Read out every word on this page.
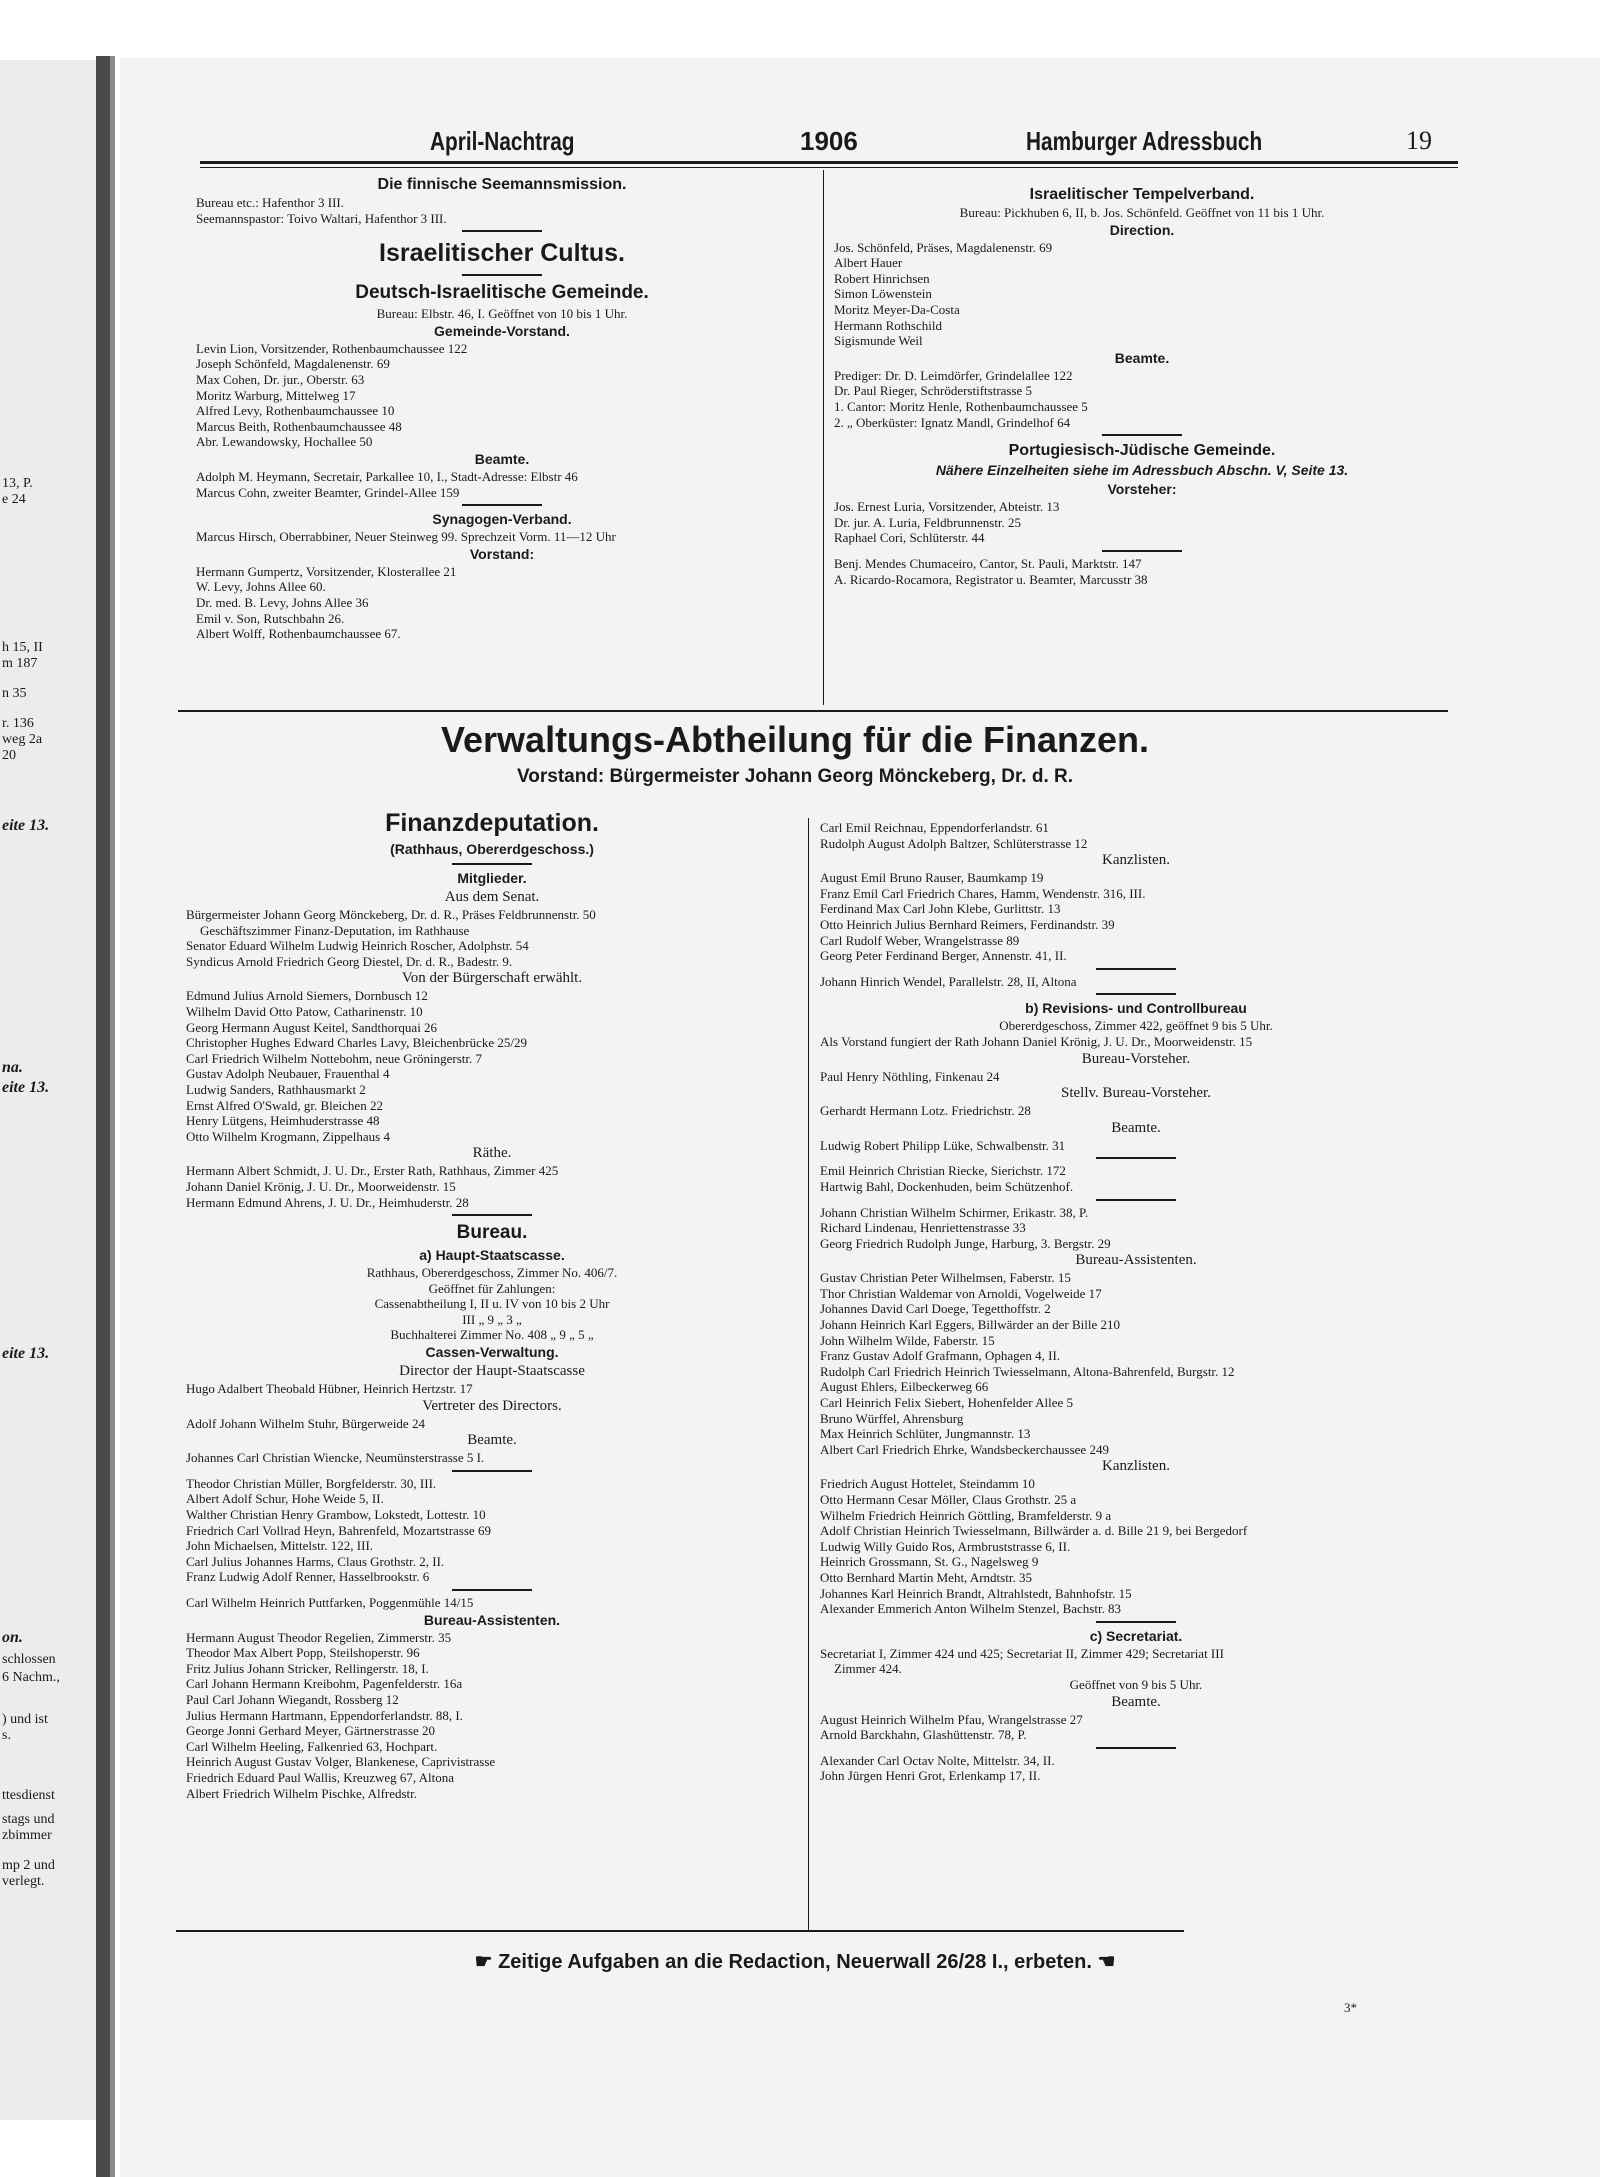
13, P.
e 24
h 15, II
m 187
n 35
r. 136
weg 2a
20
eite 13.
na.
eite 13.
eite 13.
on.
schlossen
6 Nachm.,
) und ist
s.
ttesdienst
stags und
zbimmer
mp 2 und
verlegt.
April-Nachtrag	1906	Hamburger Adressbuch	19
Die finnische Seemannsmission.
Bureau etc.: Hafenthor 3 III.
Seemannspastor: Toivo Waltari, Hafenthor 3 III.
Israelitischer Cultus.
Deutsch-Israelitische Gemeinde.
Bureau: Elbstr. 46, I. Geöffnet von 10 bis 1 Uhr.
Gemeinde-Vorstand.
Levin Lion, Vorsitzender, Rothenbaumchaussee 122
Joseph Schönfeld, Magdalenenstr. 69
Max Cohen, Dr. jur., Oberstr. 63
Moritz Warburg, Mittelweg 17
Alfred Levy, Rothenbaumchaussee 10
Marcus Beith, Rothenbaumchaussee 48
Abr. Lewandowsky, Hochallee 50
Beamte.
Adolph M. Heymann, Secretair, Parkallee 10, I., Stadt-Adresse: Elbstr 46
Marcus Cohn, zweiter Beamter, Grindel-Allee 159
Synagogen-Verband.
Marcus Hirsch, Oberrabbiner, Neuer Steinweg 99. Sprechzeit Vorm. 11—12 Uhr
Vorstand:
Hermann Gumpertz, Vorsitzender, Klosterallee 21
W. Levy, Johns Allee 60.
Dr. med. B. Levy, Johns Allee 36
Emil v. Son, Rutschbahn 26.
Albert Wolff, Rothenbaumchaussee 67.
Israelitischer Tempelverband.
Bureau: Pickhuben 6, II, b. Jos. Schönfeld. Geöffnet von 11 bis 1 Uhr.
Direction.
Jos. Schönfeld, Präses, Magdalenenstr. 69
Albert Hauer
Robert Hinrichsen
Simon Löwenstein
Moritz Meyer-Da-Costa
Hermann Rothschild
Sigismunde Weil
Beamte.
Prediger: Dr. D. Leimdörfer, Grindelallee 122
Dr. Paul Rieger, Schröderstiftstrasse 5
1. Cantor: Moritz Henle, Rothenbaumchaussee 5
2. „ Oberküster: Ignatz Mandl, Grindelhof 64
Portugiesisch-Jüdische Gemeinde.
Nähere Einzelheiten siehe im Adressbuch Abschn. V, Seite 13.
Vorsteher:
Jos. Ernest Luria, Vorsitzender, Abteistr. 13
Dr. jur. A. Luria, Feldbrunnenstr. 25
Raphael Cori, Schlüterstr. 44
Benj. Mendes Chumaceiro, Cantor, St. Pauli, Marktstr. 147
A. Ricardo-Rocamora, Registrator u. Beamter, Marcusstr 38
Verwaltungs-Abtheilung für die Finanzen.
Vorstand: Bürgermeister Johann Georg Mönckeberg, Dr. d. R.
Finanzdeputation.
(Rathhaus, Obererdgeschoss.)
Mitglieder.
Aus dem Senat.
Bürgermeister Johann Georg Mönckeberg, Dr. d. R., Präses Feldbrunnenstr. 50
Geschäftszimmer Finanz-Deputation, im Rathhause
Senator Eduard Wilhelm Ludwig Heinrich Roscher, Adolphstr. 54
Syndicus Arnold Friedrich Georg Diestel, Dr. d. R., Badestr. 9.
Von der Bürgerschaft erwählt.
Edmund Julius Arnold Siemers, Dornbusch 12
Wilhelm David Otto Patow, Catharinenstr. 10
Georg Hermann August Keitel, Sandthorquai 26
Christopher Hughes Edward Charles Lavy, Bleichenbrücke 25/29
Carl Friedrich Wilhelm Nottebohm, neue Gröningerstr. 7
Gustav Adolph Neubauer, Frauenthal 4
Ludwig Sanders, Rathhausmarkt 2
Ernst Alfred O'Swald, gr. Bleichen 22
Henry Lütgens, Heimhuderstrasse 48
Otto Wilhelm Krogmann, Zippelhaus 4
Räthe.
Hermann Albert Schmidt, J. U. Dr., Erster Rath, Rathhaus, Zimmer 425
Johann Daniel Krönig, J. U. Dr., Moorweidenstr. 15
Hermann Edmund Ahrens, J. U. Dr., Heimhuderstr. 28
Bureau.
a) Haupt-Staatscasse.
Rathhaus, Obererdgeschoss, Zimmer No. 406/7.
Geöffnet für Zahlungen:
Cassenabtheilung I, II u. IV von 10 bis 2 Uhr
III „ 9 „ 3 „
Buchhalterei Zimmer No. 408 „ 9 „ 5 „
Cassen-Verwaltung.
Director der Haupt-Staatscasse
Hugo Adalbert Theobald Hübner, Heinrich Hertzstr. 17
Vertreter des Directors.
Adolf Johann Wilhelm Stuhr, Bürgerweide 24
Beamte.
Johannes Carl Christian Wiencke, Neumünsterstrasse 5 I.
Theodor Christian Müller, Borgfelderstr. 30, III.
Albert Adolf Schur, Hohe Weide 5, II.
Walther Christian Henry Grambow, Lokstedt, Lottestr. 10
Friedrich Carl Vollrad Heyn, Bahrenfeld, Mozartstrasse 69
John Michaelsen, Mittelstr. 122, III.
Carl Julius Johannes Harms, Claus Grothstr. 2, II.
Franz Ludwig Adolf Renner, Hasselbrookstr. 6
Carl Wilhelm Heinrich Puttfarken, Poggenmühle 14/15
Bureau-Assistenten.
Hermann August Theodor Regelien, Zimmerstr. 35
Theodor Max Albert Popp, Steilshoperstr. 96
Fritz Julius Johann Stricker, Rellingerstr. 18, I.
Carl Johann Hermann Kreibohm, Pagenfelderstr. 16a
Paul Carl Johann Wiegandt, Rossberg 12
Julius Hermann Hartmann, Eppendorferlandstr. 88, I.
George Jonni Gerhard Meyer, Gärtnerstrasse 20
Carl Wilhelm Heeling, Falkenried 63, Hochpart.
Heinrich August Gustav Volger, Blankenese, Caprivistrasse
Friedrich Eduard Paul Wallis, Kreuzweg 67, Altona
Albert Friedrich Wilhelm Pischke, Alfredstr.
Carl Emil Reichnau, Eppendorferlandstr. 61
Rudolph August Adolph Baltzer, Schlüterstrasse 12
Kanzlisten.
August Emil Bruno Rauser, Baumkamp 19
Franz Emil Carl Friedrich Chares, Hamm, Wendenstr. 316, III.
Ferdinand Max Carl John Klebe, Gurlittstr. 13
Otto Heinrich Julius Bernhard Reimers, Ferdinandstr. 39
Carl Rudolf Weber, Wrangelstrasse 89
Georg Peter Ferdinand Berger, Annenstr. 41, II.
Johann Hinrich Wendel, Parallelstr. 28, II, Altona
b) Revisions- und Controllbureau
Obererdgeschoss, Zimmer 422, geöffnet 9 bis 5 Uhr.
Als Vorstand fungiert der Rath Johann Daniel Krönig, J. U. Dr., Moorweidenstr. 15
Bureau-Vorsteher.
Paul Henry Nöthling, Finkenau 24
Stellv. Bureau-Vorsteher.
Gerhardt Hermann Lotz. Friedrichstr. 28
Beamte.
Ludwig Robert Philipp Lüke, Schwalbenstr. 31
Emil Heinrich Christian Riecke, Sierichstr. 172
Hartwig Bahl, Dockenhuden, beim Schützenhof.
Johann Christian Wilhelm Schirmer, Erikastr. 38, P.
Richard Lindenau, Henriettenstrasse 33
Georg Friedrich Rudolph Junge, Harburg, 3. Bergstr. 29
Bureau-Assistenten.
Gustav Christian Peter Wilhelmsen, Faberstr. 15
Thor Christian Waldemar von Arnoldi, Vogelweide 17
Johannes David Carl Doege, Tegetthoffstr. 2
Johann Heinrich Karl Eggers, Billwärder an der Bille 210
John Wilhelm Wilde, Faberstr. 15
Franz Gustav Adolf Grafmann, Ophagen 4, II.
Rudolph Carl Friedrich Heinrich Twiesselmann, Altona-Bahrenfeld, Burgstr. 12
August Ehlers, Eilbeckerweg 66
Carl Heinrich Felix Siebert, Hohenfelder Allee 5
Bruno Würffel, Ahrensburg
Max Heinrich Schlüter, Jungmannstr. 13
Albert Carl Friedrich Ehrke, Wandsbeckerchaussee 249
Kanzlisten.
Friedrich August Hottelet, Steindamm 10
Otto Hermann Cesar Möller, Claus Grothstr. 25 a
Wilhelm Friedrich Heinrich Göttling, Bramfelderstr. 9 a
Adolf Christian Heinrich Twiesselmann, Billwärder a. d. Bille 21 9, bei Bergedorf
Ludwig Willy Guido Ros, Armbruststrasse 6, II.
Heinrich Grossmann, St. G., Nagelsweg 9
Otto Bernhard Martin Meht, Arndtstr. 35
Johannes Karl Heinrich Brandt, Altrahlstedt, Bahnhofstr. 15
Alexander Emmerich Anton Wilhelm Stenzel, Bachstr. 83
c) Secretariat.
Secretariat I, Zimmer 424 und 425; Secretariat II, Zimmer 429; Secretariat III
Zimmer 424.
Geöffnet von 9 bis 5 Uhr.
Beamte.
August Heinrich Wilhelm Pfau, Wrangelstrasse 27
Arnold Barckhahn, Glashüttenstr. 78, P.
Alexander Carl Octav Nolte, Mittelstr. 34, II.
John Jürgen Henri Grot, Erlenkamp 17, II.
☛ Zeitige Aufgaben an die Redaction, Neuerwall 26/28 I., erbeten. ☚
3*
